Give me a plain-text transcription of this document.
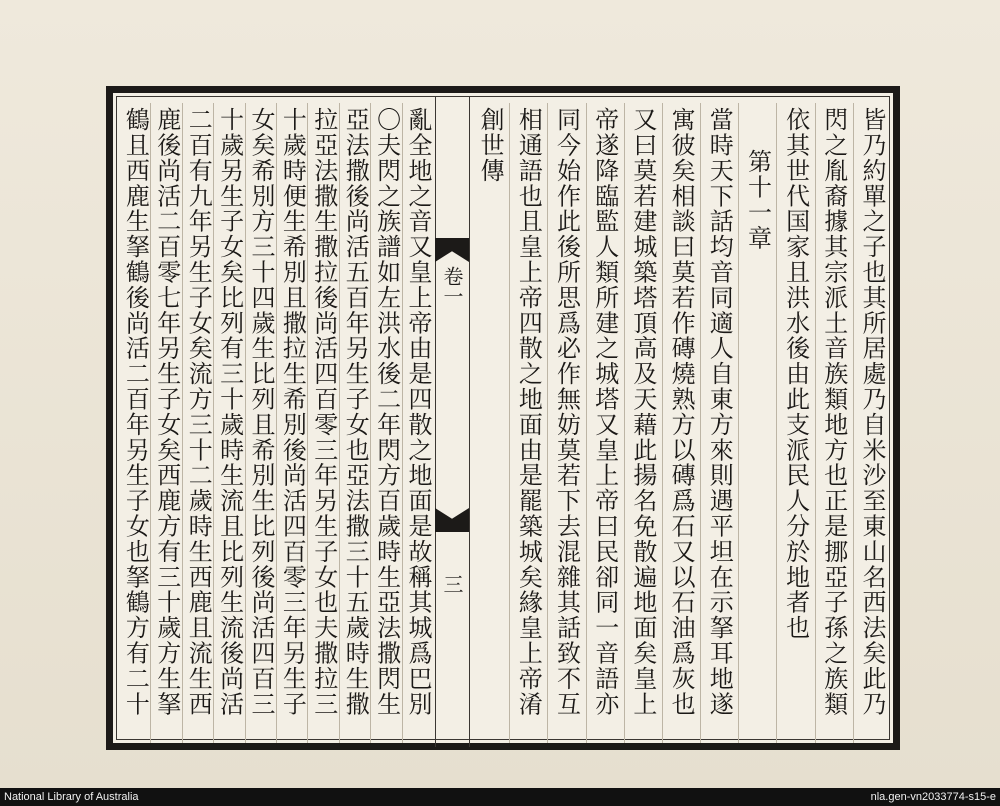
皆乃約單之子也其所居處乃自米沙至東山名西法矣此乃
閃之胤裔據其宗派土音族類地方也正是挪亞子孫之族類
依其世代国家且洪水後由此支派民人分於地者也
第十一章
當時天下話均音同適人自東方來則遇平坦在示拏耳地遂
寓彼矣相談曰莫若作磚燒熟方以磚爲石又以石油爲灰也
又曰莫若建城築塔頂高及天藉此揚名免散遍地面矣皇上
帝遂降臨監人類所建之城塔又皇上帝曰民卻同一音語亦
同今始作此後所思爲必作無妨莫若下去混雜其話致不互
相通語也且皇上帝四散之地面由是罷築城矣緣皇上帝淆
創世傳
亂全地之音又皇上帝由是四散之地面是故稱其城爲巴別
〇夫閃之族譜如左洪水後二年閃方百歲時生亞法撒閃生
亞法撒後尚活五百年另生子女也亞法撒三十五歲時生撒
拉亞法撒生撒拉後尚活四百零三年另生子女也夫撒拉三
十歲時便生希別且撒拉生希別後尚活四百零三年另生子
女矣希別方三十四歲生比列且希別生比列後尚活四百三
十歲另生子女矣比列有三十歲時生流且比列生流後尚活
二百有九年另生子女矣流方三十二歲時生西鹿且流生西
鹿後尚活二百零七年另生子女矣西鹿方有三十歲方生拏
鶴且西鹿生拏鶴後尚活二百年另生子女也拏鶴方有二十	卷一
三
National Library of Australia	nla.gen-vn2033774-s15-e
